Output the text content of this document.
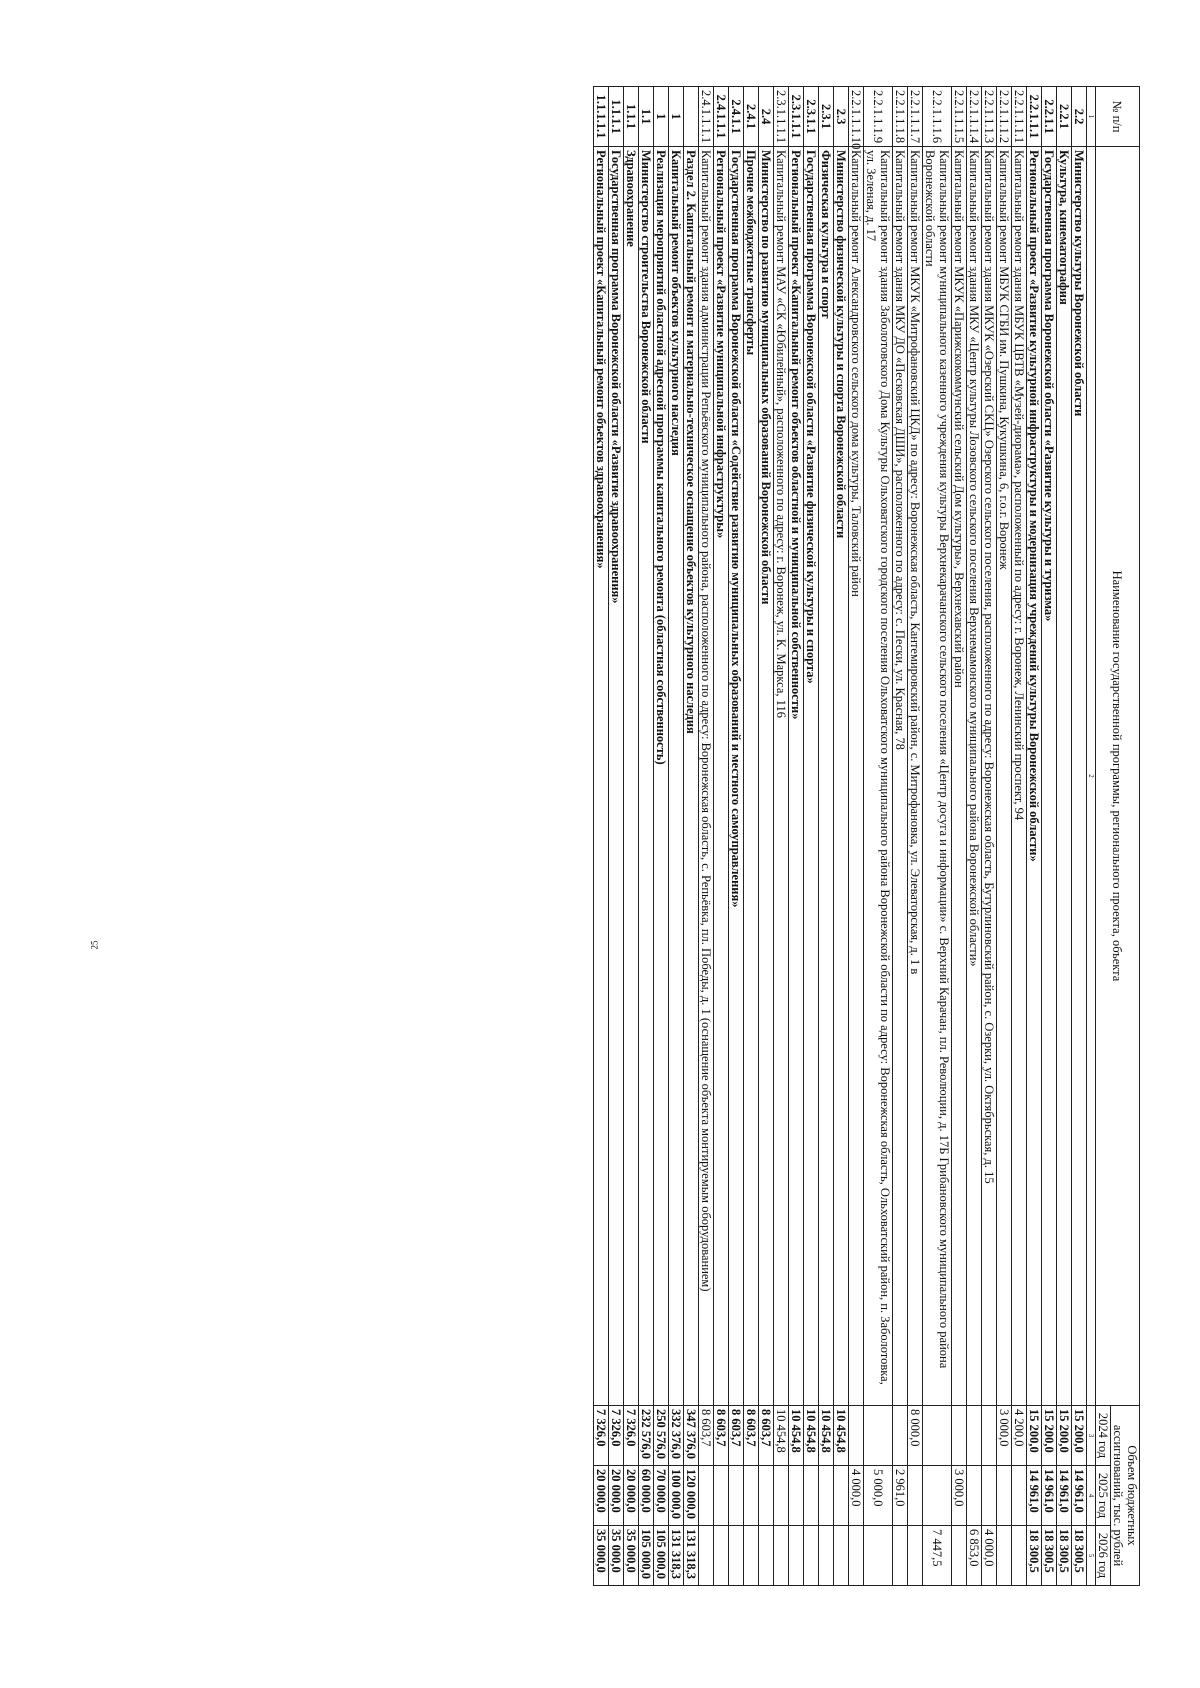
25
№ п/п	Наименование государственной программы, регионального проекта, объекта	Объем бюджетных ассигнований, тыс. рублей		
		2024 год	2025 год	2026 год
1	2	3	4	5
2.2	Министерство культуры Воронежской области	15 200,0	14 961,0	18 300,5
2.2.1	Культура, кинематография	15 200,0	14 961,0	18 300,5
2.2.1.1	Государственная программа Воронежской области «Развитие культуры и туризма»	15 200,0	14 961,0	18 300,5
2.2.1.1.1	Региональный проект «Развитие культурной инфраструктуры и модернизация учреждений культуры Воронежской области»	15 200,0	14 961,0	18 300,5
2.2.1.1.1.1	Капитальный ремонт здания МБУК ЦВТВ «Музей-диорама», расположенный по адресу: г. Воронеж, Ленинский проспект, 94	4 200,0		
2.2.1.1.1.2	Капитальный ремонт МБУК СГБИ им. Пушкина, Кукушкина, 6, г.о.г. Воронеж	3 000,0		
2.2.1.1.1.3	Капитальный ремонт здания МКУК «Озерский СКЦ» Озерского сельского поселения, расположенного по адресу: Воронежская область, Бутурлиновский район, с. Озерки, ул. Октябрьская, д. 15			4 000,0
2.2.1.1.1.4	Капитальный ремонт здания МКУ «Центр культуры Лозовского сельского поселения Верхнемамонского муниципального района Воронежской области»			6 853,0
2.2.1.1.1.5	Капитальный ремонт МКУК «Парижскокоммунский сельский Дом культуры», Верхнехавский район		3 000,0	
2.2.1.1.1.6	Капитальный ремонт муниципального казенного учреждения культуры Верхнекарачанского сельского поселения «Центр досуга и информации» с. Верхний Карачан, пл. Революции, д. 17Б Грибановского муниципального района Воронежской области			7 447,5
2.2.1.1.1.7	Капитальный ремонт МКУК «Митрофановский ЦКД» по адресу: Воронежская область, Кантемировский район, с. Митрофановка, ул. Элеваторская, д. 1 в	8 000,0		
2.2.1.1.1.8	Капитальный ремонт здания МКУ ДО «Песковская ДШИ», расположенного по адресу: с. Пески, ул. Красная, 78		2 961,0	
2.2.1.1.1.9	Капитальный ремонт здания Заболотовского Дома Культуры Ольховатского городского поселения Ольховатского муниципального района Воронежской области по адресу: Воронежская область, Ольховатский район, п. Заболотовка, ул. Зеленая, д. 17		5 000,0	
2.2.1.1.1.10	Капитальный ремонт Александровского сельского дома культуры, Таловский район		4 000,0	
2.3	Министерство физической культуры и спорта Воронежской области	10 454,8		
2.3.1	Физическая культура и спорт	10 454,8		
2.3.1.1	Государственная программа Воронежской области «Развитие физической культуры и спорта»	10 454,8		
2.3.1.1.1	Региональный проект «Капитальный ремонт объектов областной и муниципальной собственности»	10 454,8		
2.3.1.1.1.1	Капитальный ремонт МАУ «СК «Юбилейный», расположенного по адресу: г. Воронеж, ул. К. Маркса, 116	10 454,8		
2.4	Министерство по развитию муниципальных образований Воронежской области	8 603,7		
2.4.1	Прочие межбюджетные трансферты	8 603,7		
2.4.1.1	Государственная программа Воронежской области «Содействие развитию муниципальных образований и местного самоуправления»	8 603,7		
2.4.1.1.1	Региональный проект «Развитие муниципальной инфраструктуры»	8 603,7		
2.4.1.1.1.1	Капитальный ремонт здания администрации Репьёвского муниципального района, расположенного по адресу: Воронежская область, с. Репьёвка, пл. Победы, д. 1 (оснащение объекта монтируемым оборудованием)	8 603,7		
	Раздел 2. Капитальный ремонт и материально-техническое оснащение объектов культурного наследия	347 376,0	120 000,0	131 318,3
1	Капитальный ремонт объектов культурного наследия	332 376,0	100 000,0	131 318,3
1	Реализация мероприятий областной адресной программы капитального ремонта (областная собственность)	250 576,0	70 000,0	105 000,0
1.1	Министерство строительства Воронежской области	232 576,0	60 000,0	105 000,0
1.1.1	Здравоохранение	7 326,0	20 000,0	35 000,0
1.1.1.1	Государственная программа Воронежской области «Развитие здравоохранения»	7 326,0	20 000,0	35 000,0
1.1.1.1.1	Региональный проект «Капитальный ремонт объектов здравоохранения»	7 326,0	20 000,0	35 000,0
